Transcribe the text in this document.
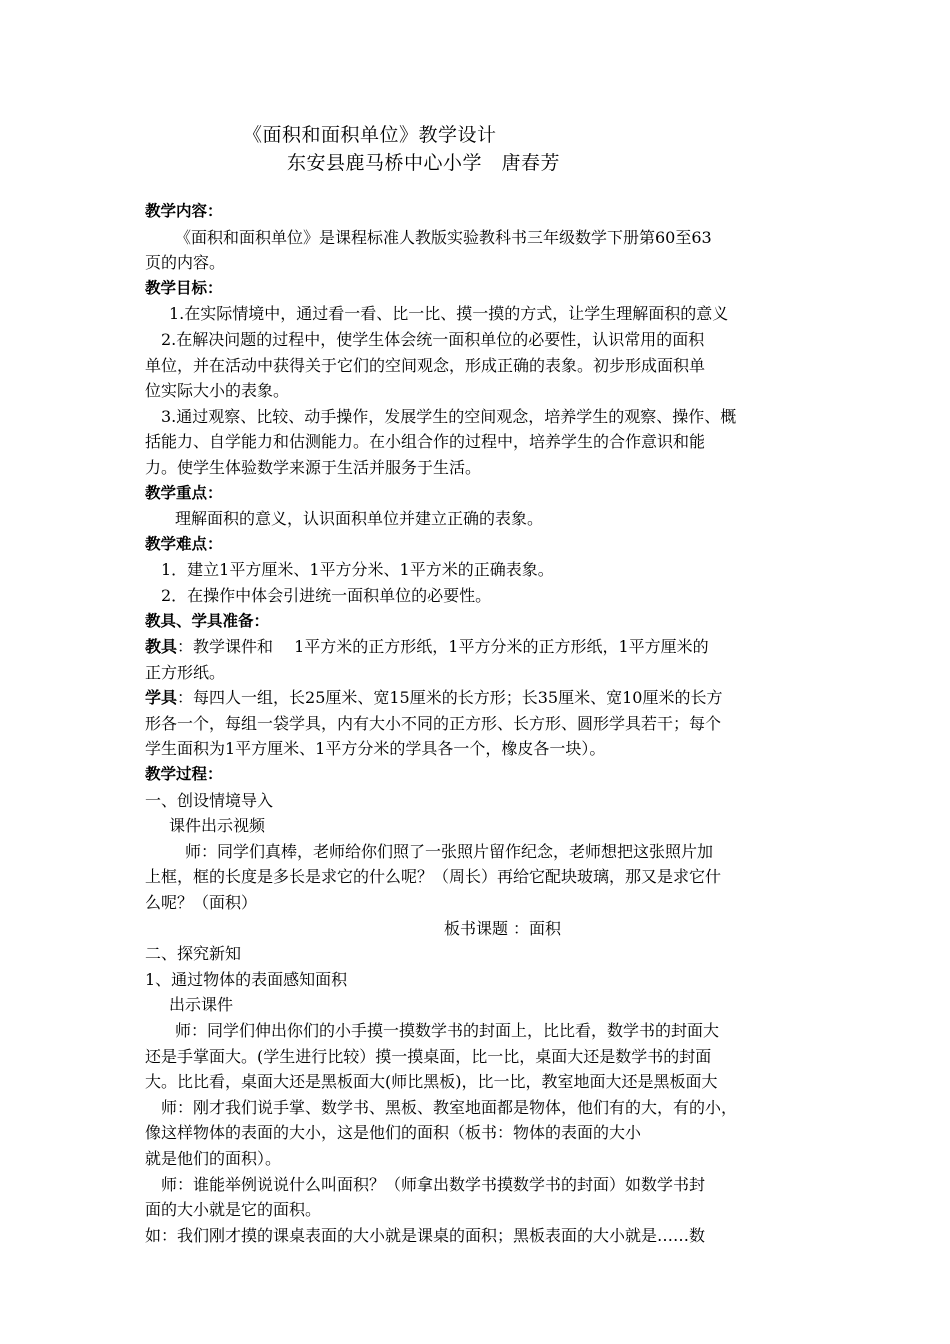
《面积和面积单位》教学设计
东安县鹿马桥中心小学　唐春芳
教学内容：
《面积和面积单位》是课程标准人教版实验教科书三年级数学下册第60至63
页的内容。
教学目标：
1.在实际情境中，通过看一看、比一比、摸一摸的方式，让学生理解面积的意义
2.在解决问题的过程中，使学生体会统一面积单位的必要性，认识常用的面积
单位，并在活动中获得关于它们的空间观念，形成正确的表象。初步形成面积单
位实际大小的表象。
3.通过观察、比较、动手操作，发展学生的空间观念，培养学生的观察、操作、概
括能力、自学能力和估测能力。在小组合作的过程中，培养学生的合作意识和能
力。使学生体验数学来源于生活并服务于生活。
教学重点：
理解面积的意义，认识面积单位并建立正确的表象。
教学难点：
1．建立1平方厘米、1平方分米、1平方米的正确表象。
2．在操作中体会引进统一面积单位的必要性。
教具、学具准备：
教具：教学课件和　 1平方米的正方形纸，1平方分米的正方形纸，1平方厘米的
正方形纸。
学具：每四人一组，长25厘米、宽15厘米的长方形；长35厘米、宽10厘米的长方
形各一个，每组一袋学具，内有大小不同的正方形、长方形、圆形学具若干；每个
学生面积为1平方厘米、1平方分米的学具各一个，橡皮各一块）。
教学过程：
一、创设情境导入
课件出示视频
师：同学们真棒，老师给你们照了一张照片留作纪念，老师想把这张照片加
上框，框的长度是多长是求它的什么呢？（周长）再给它配块玻璃，那又是求它什
么呢？（面积）
板书课题 ：面积
二、探究新知
1、通过物体的表面感知面积
出示课件
师：同学们伸出你们的小手摸一摸数学书的封面上，比比看，数学书的封面大
还是手掌面大。(学生进行比较）摸一摸桌面，比一比，桌面大还是数学书的封面
大。比比看，桌面大还是黑板面大(师比黑板)，比一比，教室地面大还是黑板面大
师：刚才我们说手掌、数学书、黑板、教室地面都是物体，他们有的大，有的小，
像这样物体的表面的大小，这是他们的面积（板书：物体的表面的大小
就是他们的面积）。
师：谁能举例说说什么叫面积？（师拿出数学书摸数学书的封面）如数学书封
面的大小就是它的面积。
如：我们刚才摸的课桌表面的大小就是课桌的面积；黑板表面的大小就是……数
